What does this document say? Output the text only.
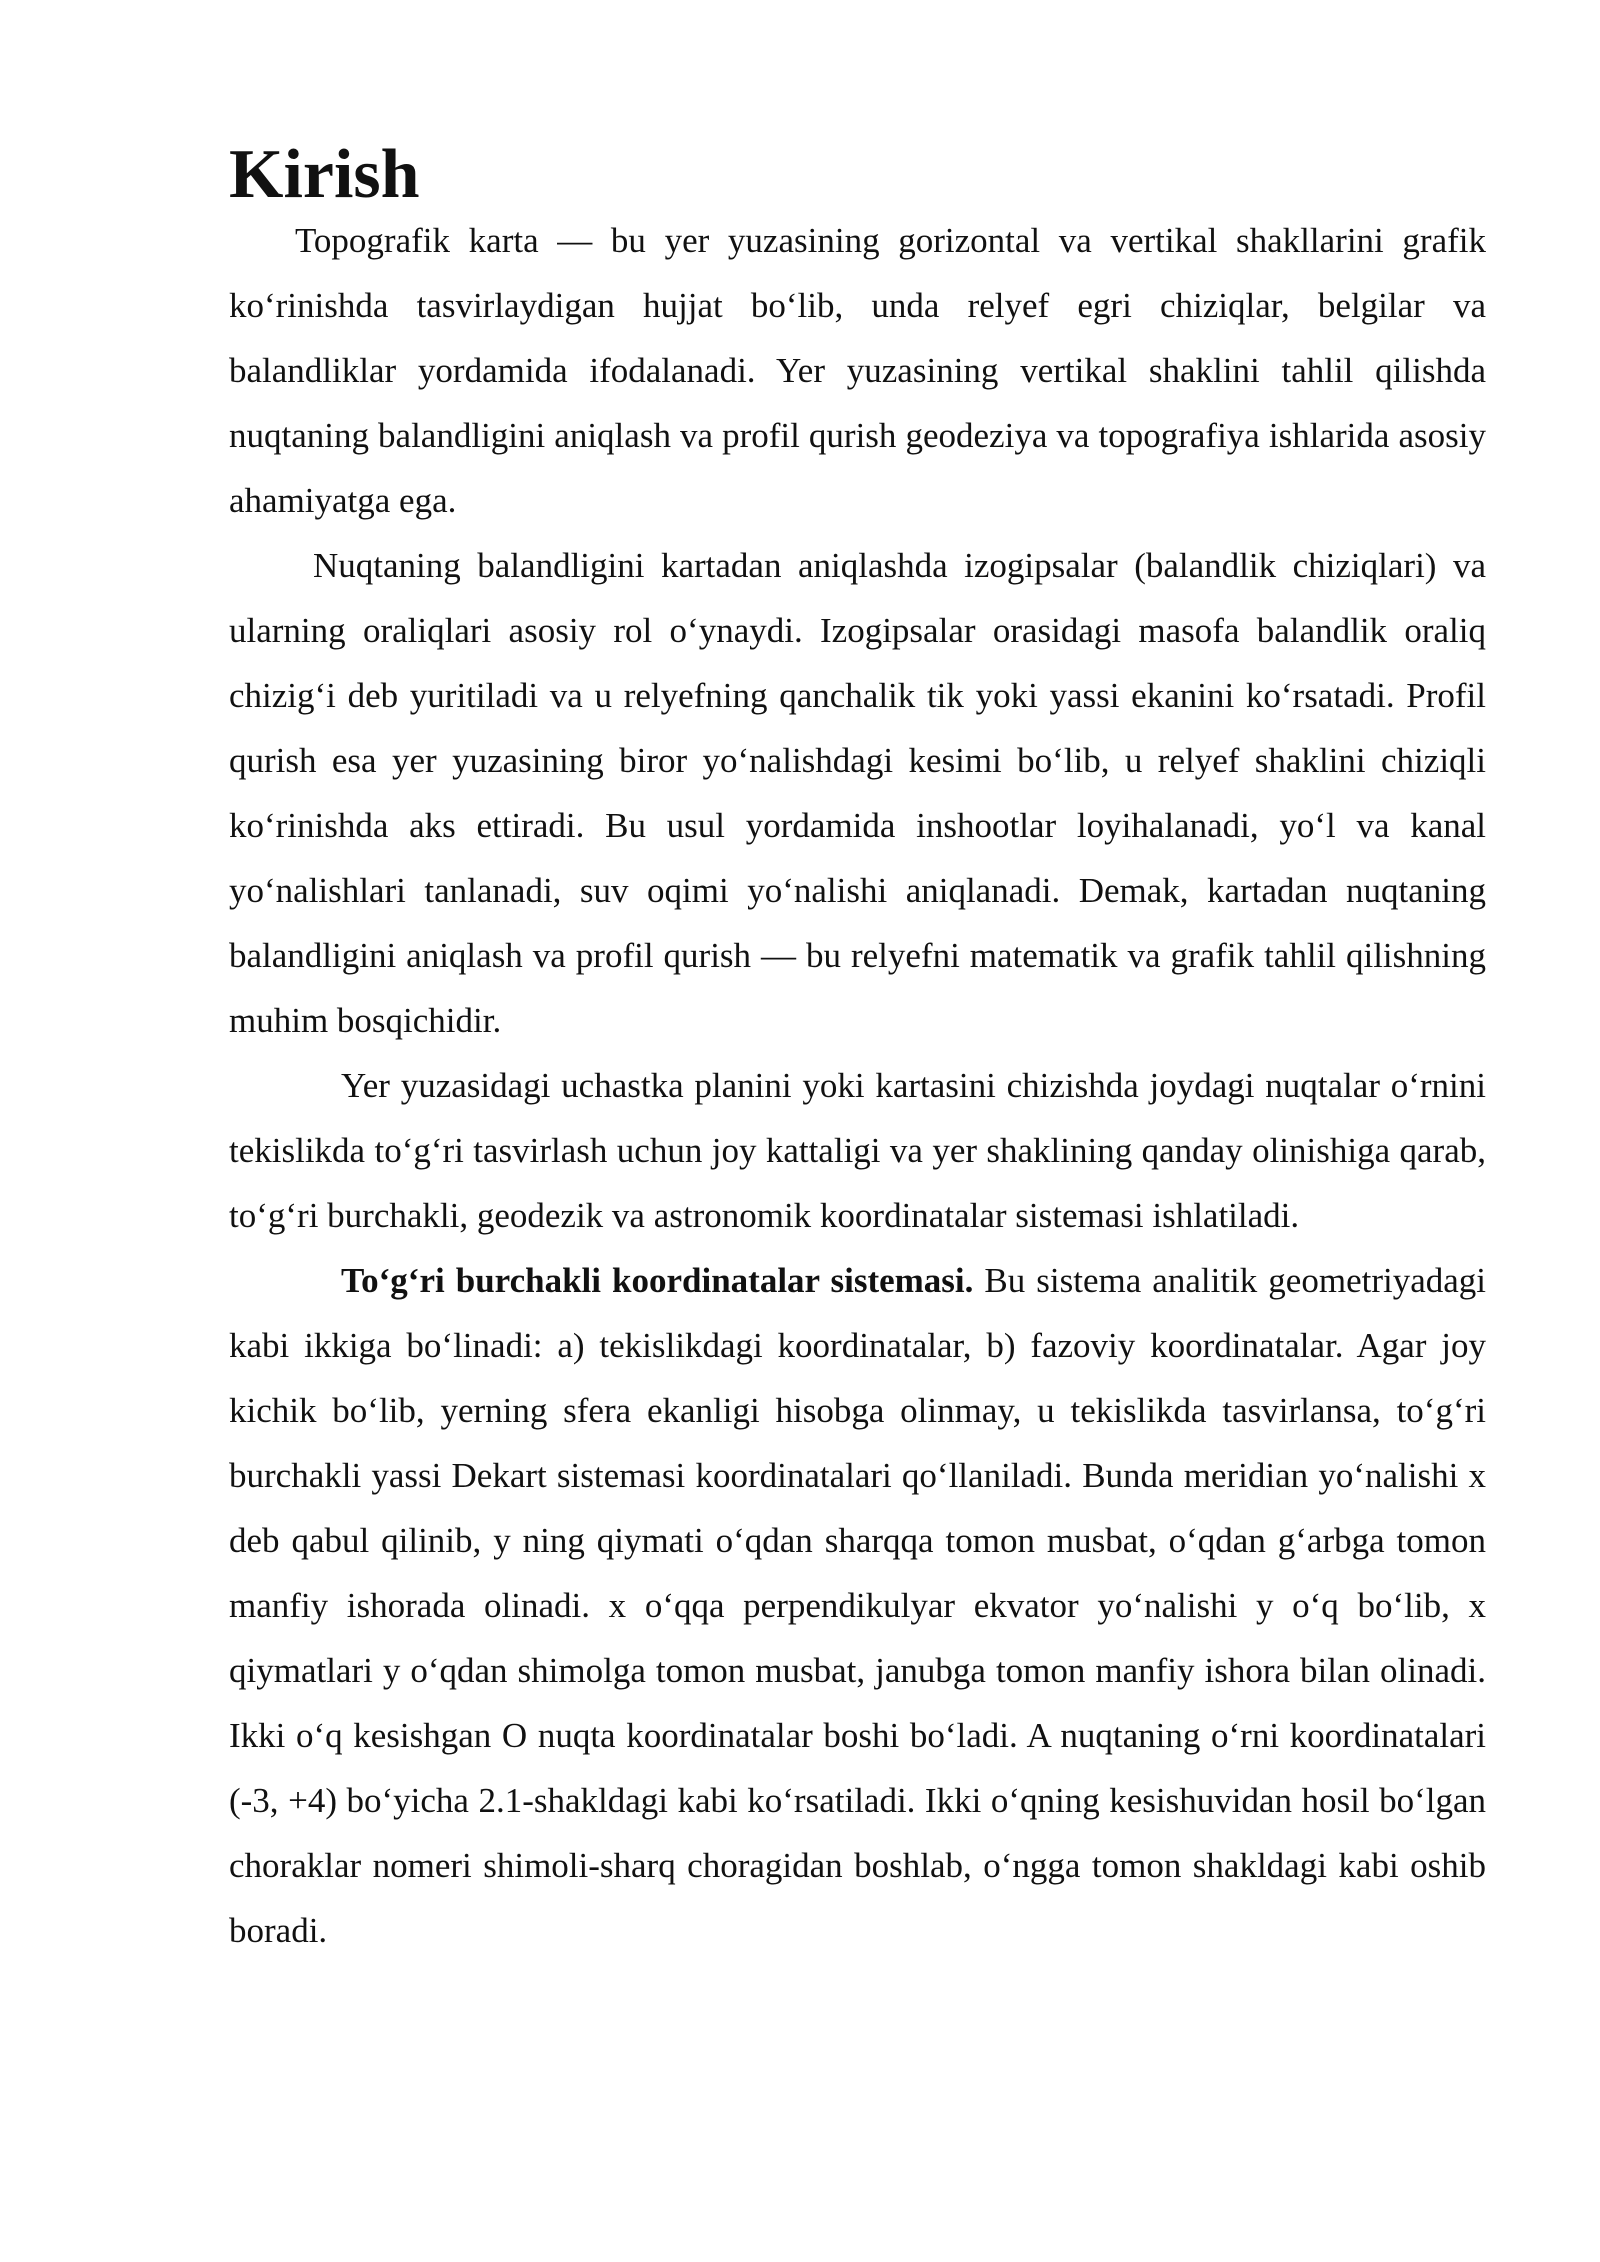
Kirish

Topografik karta — bu yer yuzasining gorizontal va vertikal shakllarini grafik ko‘rinishda tasvirlaydigan hujjat bo‘lib, unda relyef egri chiziqlar, belgilar va balandliklar yordamida ifodalanadi. Yer yuzasining vertikal shaklini tahlil qilishda nuqtaning balandligini aniqlash va profil qurish geodeziya va topografiya ishlarida asosiy ahamiyatga ega.

Nuqtaning balandligini kartadan aniqlashda izogipsalar (balandlik chiziqlari) va ularning oraliqlari asosiy rol o‘ynaydi. Izogipsalar orasidagi masofa balandlik oraliq chizig‘i deb yuritiladi va u relyefning qanchalik tik yoki yassi ekanini ko‘rsatadi. Profil qurish esa yer yuzasining biror yo‘nalishdagi kesimi bo‘lib, u relyef shaklini chiziqli ko‘rinishda aks ettiradi. Bu usul yordamida inshootlar loyihalanadi, yo‘l va kanal yo‘nalishlari tanlanadi, suv oqimi yo‘nalishi aniqlanadi. Demak, kartadan nuqtaning balandligini aniqlash va profil qurish — bu relyefni matematik va grafik tahlil qilishning muhim bosqichidir.

Yer yuzasidagi uchastka planini yoki kartasini chizishda joydagi nuqtalar o‘rnini tekislikda to‘g‘ri tasvirlash uchun joy kattaligi va yer shaklining qanday olinishiga qarab, to‘g‘ri burchakli, geodezik va astronomik koordinatalar sistemasi ishlatiladi.

To‘g‘ri burchakli koordinatalar sistemasi. Bu sistema analitik geometriyadagi kabi ikkiga bo‘linadi: a) tekislikdagi koordinatalar, b) fazoviy koordinatalar. Agar joy kichik bo‘lib, yerning sfera ekanligi hisobga olinmay, u tekislikda tasvirlansa, to‘g‘ri burchakli yassi Dekart sistemasi koordinatalari qo‘llaniladi. Bunda meridian yo‘nalishi x deb qabul qilinib, y ning qiymati o‘qdan sharqqa tomon musbat, o‘qdan g‘arbga tomon manfiy ishorada olinadi. x o‘qqa perpendikulyar ekvator yo‘nalishi y o‘q bo‘lib, x qiymatlari y o‘qdan shimolga tomon musbat, janubga tomon manfiy ishora bilan olinadi. Ikki o‘q kesishgan O nuqta koordinatalar boshi bo‘ladi. A nuqtaning o‘rni koordinatalari (-3, +4) bo‘yicha 2.1-shakldagi kabi ko‘rsatiladi. Ikki o‘qning kesishuvidan hosil bo‘lgan choraklar nomeri shimoli-sharq choragidan boshlab, o‘ngga tomon shakldagi kabi oshib boradi.
